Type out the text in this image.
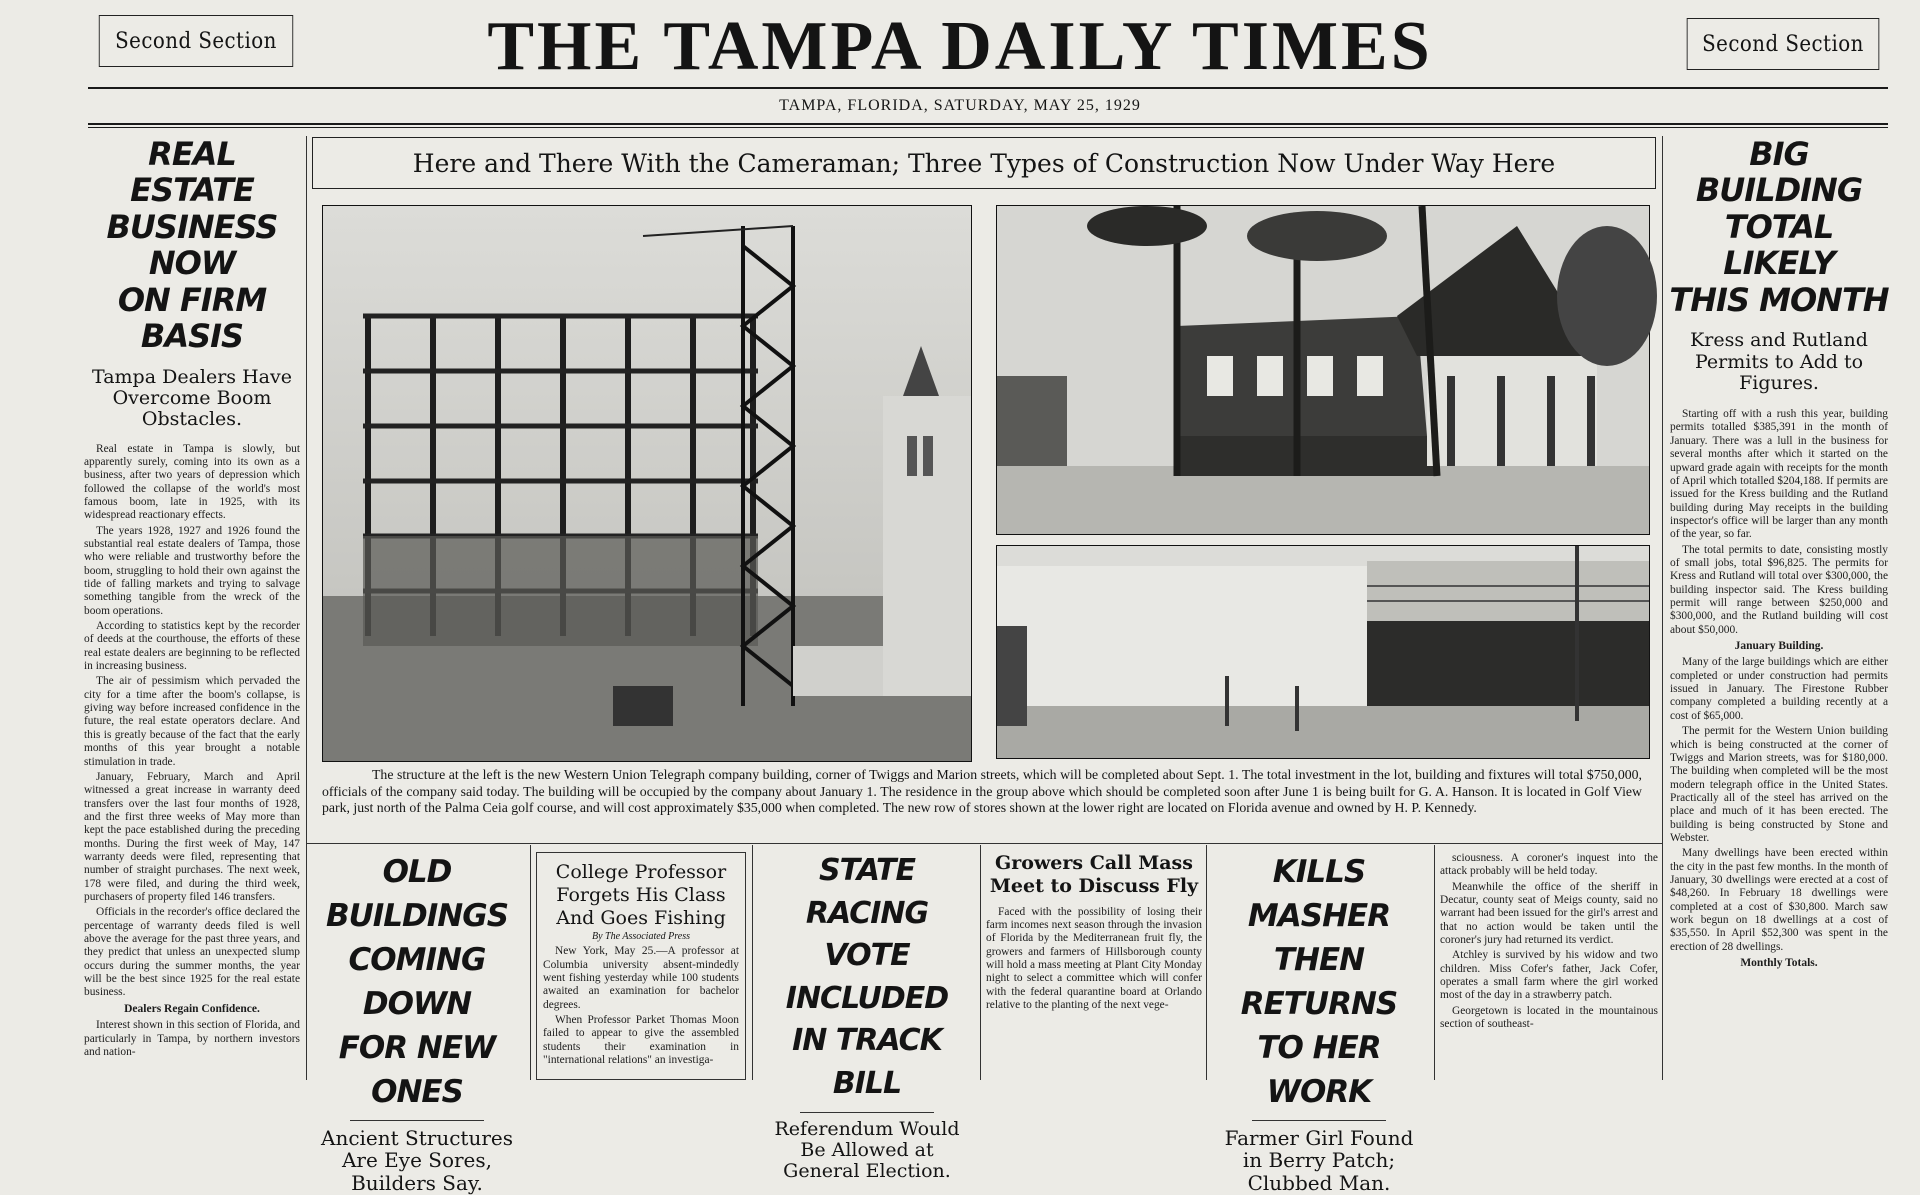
Second Section	THE TAMPA DAILY TIMES	Second Section
TAMPA, FLORIDA, SATURDAY, MAY 25, 1929
REAL ESTATE
BUSINESS NOW
ON FIRM BASIS
Tampa Dealers Have Overcome Boom Obstacles.

Real estate in Tampa is slowly, but apparently surely, coming into its own as a business, after two years of depression which followed the collapse of the world's most famous boom, late in 1925, with its widespread reactionary effects.

The years 1928, 1927 and 1926 found the substantial real estate dealers of Tampa, those who were reliable and trustworthy before the boom, struggling to hold their own against the tide of falling markets and trying to salvage something tangible from the wreck of the boom operations.

According to statistics kept by the recorder of deeds at the courthouse, the efforts of these real estate dealers are beginning to be reflected in increasing business.

The air of pessimism which pervaded the city for a time after the boom's collapse, is giving way before increased confidence in the future, the real estate operators declare. And this is greatly because of the fact that the early months of this year brought a notable stimulation in trade.

January, February, March and April witnessed a great increase in warranty deed transfers over the last four months of 1928, and the first three weeks of May more than kept the pace established during the preceding months. During the first week of May, 147 warranty deeds were filed, representing that number of straight purchases. The next week, 178 were filed, and during the third week, purchasers of property filed 146 transfers.

Officials in the recorder's office declared the percentage of warranty deeds filed is well above the average for the past three years, and they predict that unless an unexpected slump occurs during the summer months, the year will be the best since 1925 for the real estate business.

Dealers Regain Confidence.

Interest shown in this section of Florida, and particularly in Tampa, by northern investors and nation-

Here and There With the Cameraman; Three Types of Construction Now Under Way Here

The structure at the left is the new Western Union Telegraph company building, corner of Twiggs and Marion streets, which will be completed about Sept. 1. The total investment in the lot, building and fixtures will total $750,000, officials of the company said today. The building will be occupied by the company about January 1. The residence in the group above which should be completed soon after June 1 is being built for G. A. Hanson. It is located in Golf View park, just north of the Palma Ceia golf course, and will cost approximately $35,000 when completed. The new row of stores shown at the lower right are located on Florida avenue and owned by H. P. Kennedy.

BIG BUILDING
TOTAL LIKELY
THIS MONTH
Kress and Rutland Permits to Add to Figures.

Starting off with a rush this year, building permits totalled $385,391 in the month of January. There was a lull in the business for several months after which it started on the upward grade again with receipts for the month of April which totalled $204,188. If permits are issued for the Kress building and the Rutland building during May receipts in the building inspector's office will be larger than any month of the year, so far.

The total permits to date, consisting mostly of small jobs, total $96,825. The permits for Kress and Rutland will total over $300,000, the building inspector said. The Kress building permit will range between $250,000 and $300,000, and the Rutland building will cost about $50,000.

January Building.

Many of the large buildings which are either completed or under construction had permits issued in January. The Firestone Rubber company completed a building recently at a cost of $65,000.

The permit for the Western Union building which is being constructed at the corner of Twiggs and Marion streets, was for $180,000. The building when completed will be the most modern telegraph office in the United States. Practically all of the steel has arrived on the place and much of it has been erected. The building is being constructed by Stone and Webster.

Many dwellings have been erected within the city in the past few months. In the month of January, 30 dwellings were erected at a cost of $48,260. In February 18 dwellings were completed at a cost of $30,800. March saw work begun on 18 dwellings at a cost of $35,550. In April $52,300 was spent in the erection of 28 dwellings.

Monthly Totals.
OLD BUILDINGS
COMING DOWN
FOR NEW ONES
Ancient Structures Are Eye Sores, Builders Say.
College Professor Forgets His Class And Goes Fishing
By The Associated Press

New York, May 25.—A professor at Columbia university absent-mindedly went fishing yesterday while 100 students awaited an examination for bachelor degrees.

When Professor Parket Thomas Moon failed to appear to give the assembled students their examination in "international relations" an investiga-

STATE RACING
VOTE INCLUDED
IN TRACK BILL
Referendum Would Be Allowed at General Election.
Growers Call Mass Meet to Discuss Fly

Faced with the possibility of losing their farm incomes next season through the invasion of Florida by the Mediterranean fruit fly, the growers and farmers of Hillsborough county will hold a mass meeting at Plant City Monday night to select a committee which will confer with the federal quarantine board at Orlando relative to the planting of the next vege-

KILLS MASHER
THEN RETURNS
TO HER WORK
Farmer Girl Found in Berry Patch; Clubbed Man.

sciousness. A coroner's inquest into the attack probably will be held today.

Meanwhile the office of the sheriff in Decatur, county seat of Meigs county, said no warrant had been issued for the girl's arrest and that no action would be taken until the coroner's jury had returned its verdict.

Atchley is survived by his widow and two children. Miss Cofer's father, Jack Cofer, operates a small farm where the girl worked most of the day in a strawberry patch.

Georgetown is located in the mountainous section of southeast-
